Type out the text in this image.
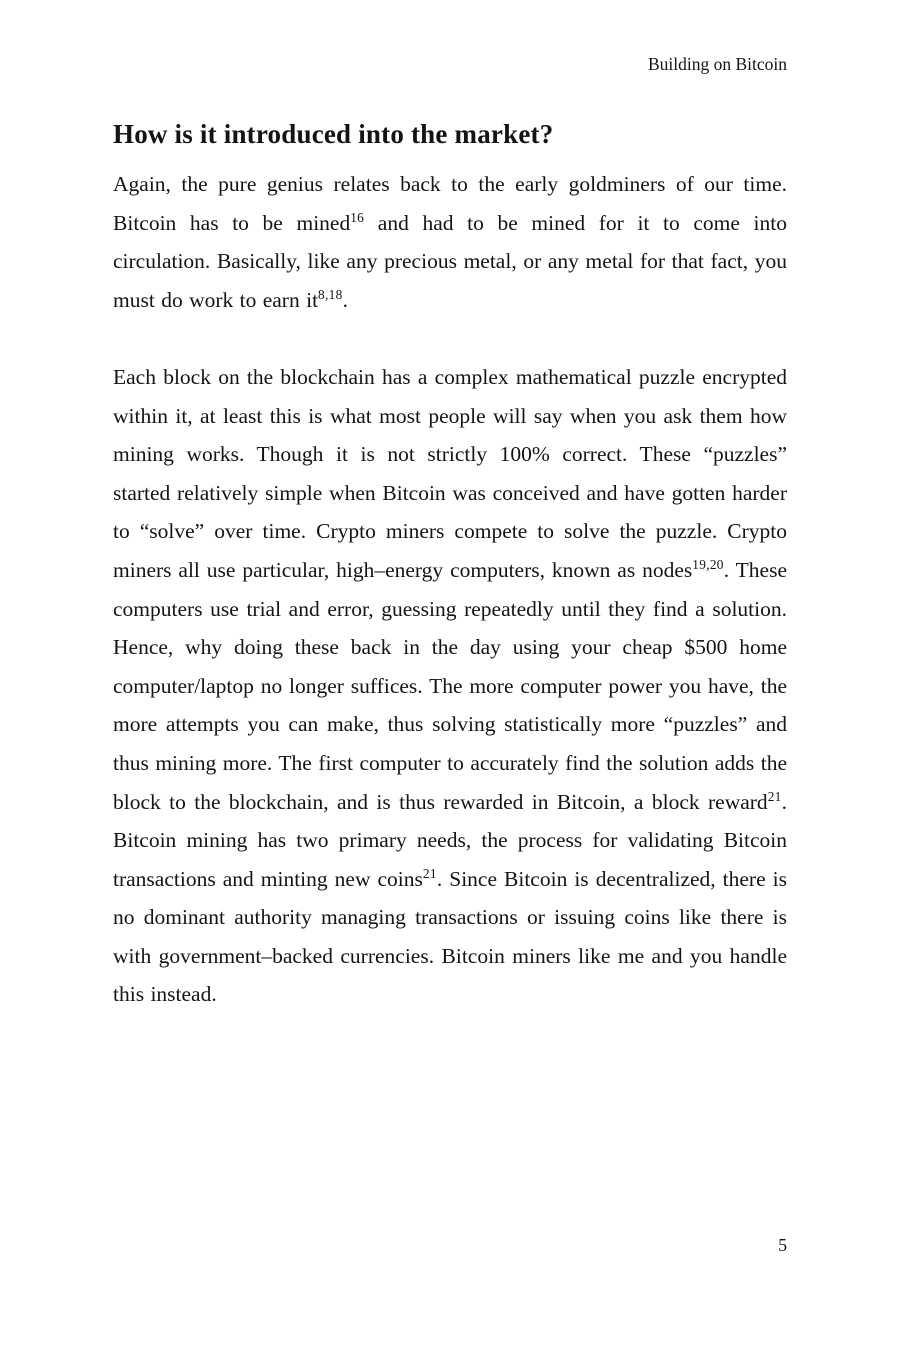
Building on Bitcoin
How is it introduced into the market?

Again, the pure genius relates back to the early goldminers of our time. Bitcoin has to be mined$^{16}$ and had to be mined for it to come into circulation. Basically, like any precious metal, or any metal for that fact, you must do work to earn it$^{8,18}$.

Each block on the blockchain has a complex mathematical puzzle encrypted within it, at least this is what most people will say when you ask them how mining works. Though it is not strictly 100% correct. These “puzzles” started relatively simple when Bitcoin was conceived and have gotten harder to “solve” over time. Crypto miners compete to solve the puzzle. Crypto miners all use particular, high–energy computers, known as nodes$^{19,20}$. These computers use trial and error, guessing repeatedly until they find a solution. Hence, why doing these back in the day using your cheap $500 home computer/laptop no longer suffices. The more computer power you have, the more attempts you can make, thus solving statistically more “puzzles” and thus mining more. The first computer to accurately find the solution adds the block to the blockchain, and is thus rewarded in Bitcoin, a block reward$^{21}$. Bitcoin mining has two primary needs, the process for validating Bitcoin transactions and minting new coins$^{21}$. Since Bitcoin is decentralized, there is no dominant authority managing transactions or issuing coins like there is with government–backed currencies. Bitcoin miners like me and you handle this instead.

5
